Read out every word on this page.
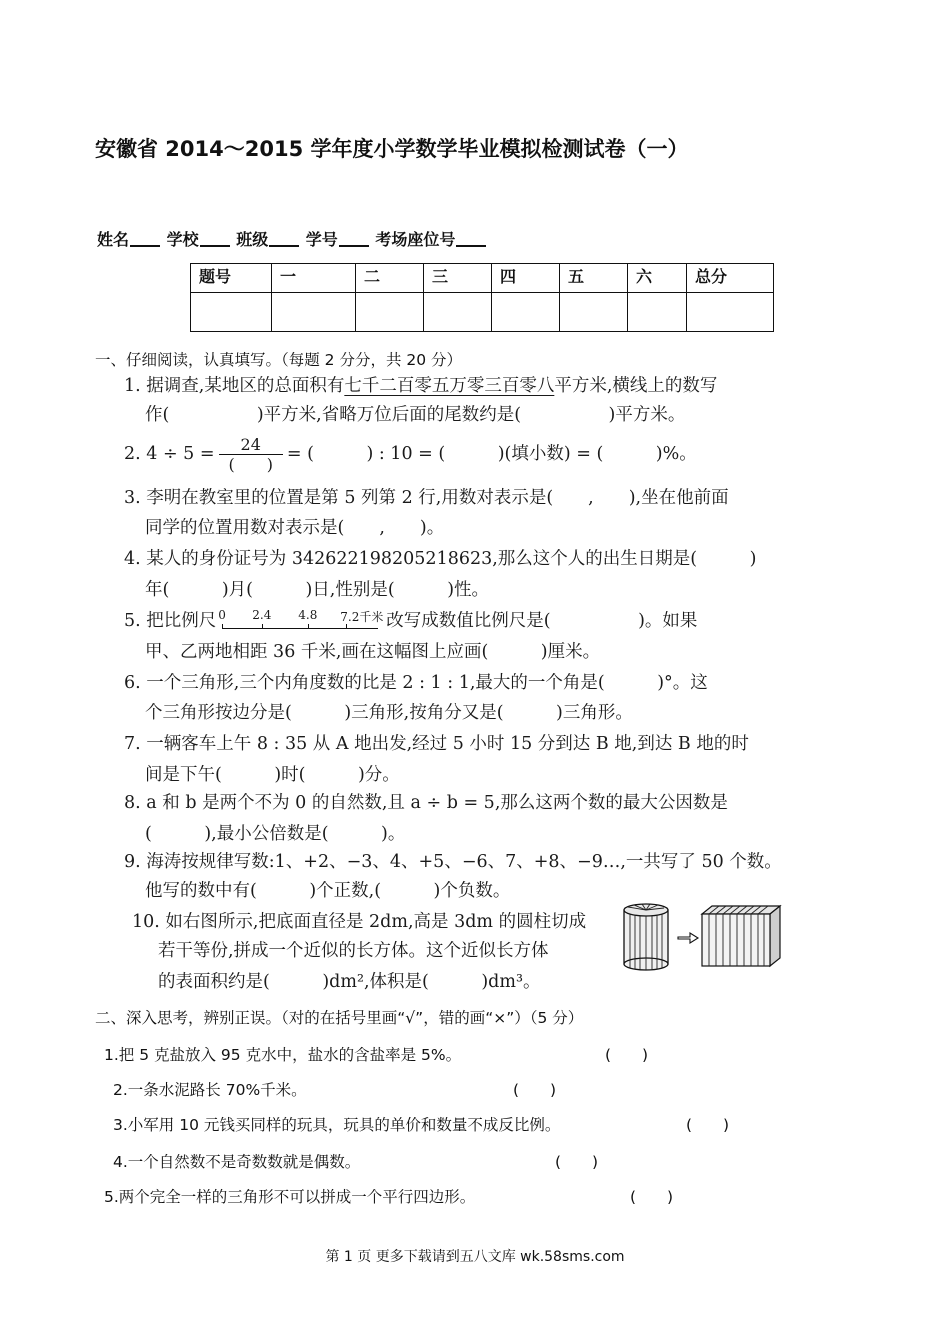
安徽省 2014～2015 学年度小学数学毕业模拟检测试卷（一）
姓名 学校 班级 学号 考场座位号
题号	一	二	三	四	五	六	总分

一、仔细阅读，认真填写。（每题 2 分分，共 20 分）
1. 据调查,某地区的总面积有七千二百零五万零三百零八平方米,横线上的数写
作(　　　　　)平方米,省略万位后面的尾数约是(　　　　　)平方米。
2. $4 \div 5 = \frac{24}{( )}$ = (　　　) : 10 = (　　　)(填小数) = (　　　)%。
3. 李明在教室里的位置是第 5 列第 2 行,用数对表示是(　　,　　),坐在他前面
同学的位置用数对表示是(　　,　　)。
4. 某人的身份证号为 342622198205218623,那么这个人的出生日期是(　　　)
年(　　　)月(　　　)日,性别是(　　　)性。
5. 把比例尺 0 2.4 4.8 7.2千米 改写成数值比例尺是(　　　　　)。如果
甲、乙两地相距 36 千米,画在这幅图上应画(　　　)厘米。
6. 一个三角形,三个内角度数的比是 2 : 1 : 1,最大的一个角是(　　　)°。这
个三角形按边分是(　　　)三角形,按角分又是(　　　)三角形。
7. 一辆客车上午 8 : 35 从 A 地出发,经过 5 小时 15 分到达 B 地,到达 B 地的时
间是下午(　　　)时(　　　)分。
8. a 和 b 是两个不为 0 的自然数,且 a ÷ b = 5,那么这两个数的最大公因数是
(　　　),最小公倍数是(　　　)。
9. 海涛按规律写数:1、+2、−3、4、+5、−6、7、+8、−9…,一共写了 50 个数。
他写的数中有(　　　)个正数,(　　　)个负数。
10. 如右图所示,把底面直径是 2dm,高是 3dm 的圆柱切成
若干等份,拼成一个近似的长方体。这个近似长方体
的表面积约是(　　　)dm²,体积是(　　　)dm³。
二、深入思考，辨别正误。（对的在括号里画“√”，错的画“×”）（5 分）
1.把 5 克盐放入 95 克水中，盐水的含盐率是 5%。	(　　)
2.一条水泥路长 70%千米。	(　　)
3.小军用 10 元钱买同样的玩具，玩具的单价和数量不成反比例。	(　　)
4.一个自然数不是奇数数就是偶数。	(　　)
5.两个完全一样的三角形不可以拼成一个平行四边形。	(　　)
第 1 页 更多下载请到五八文库 wk.58sms.com
